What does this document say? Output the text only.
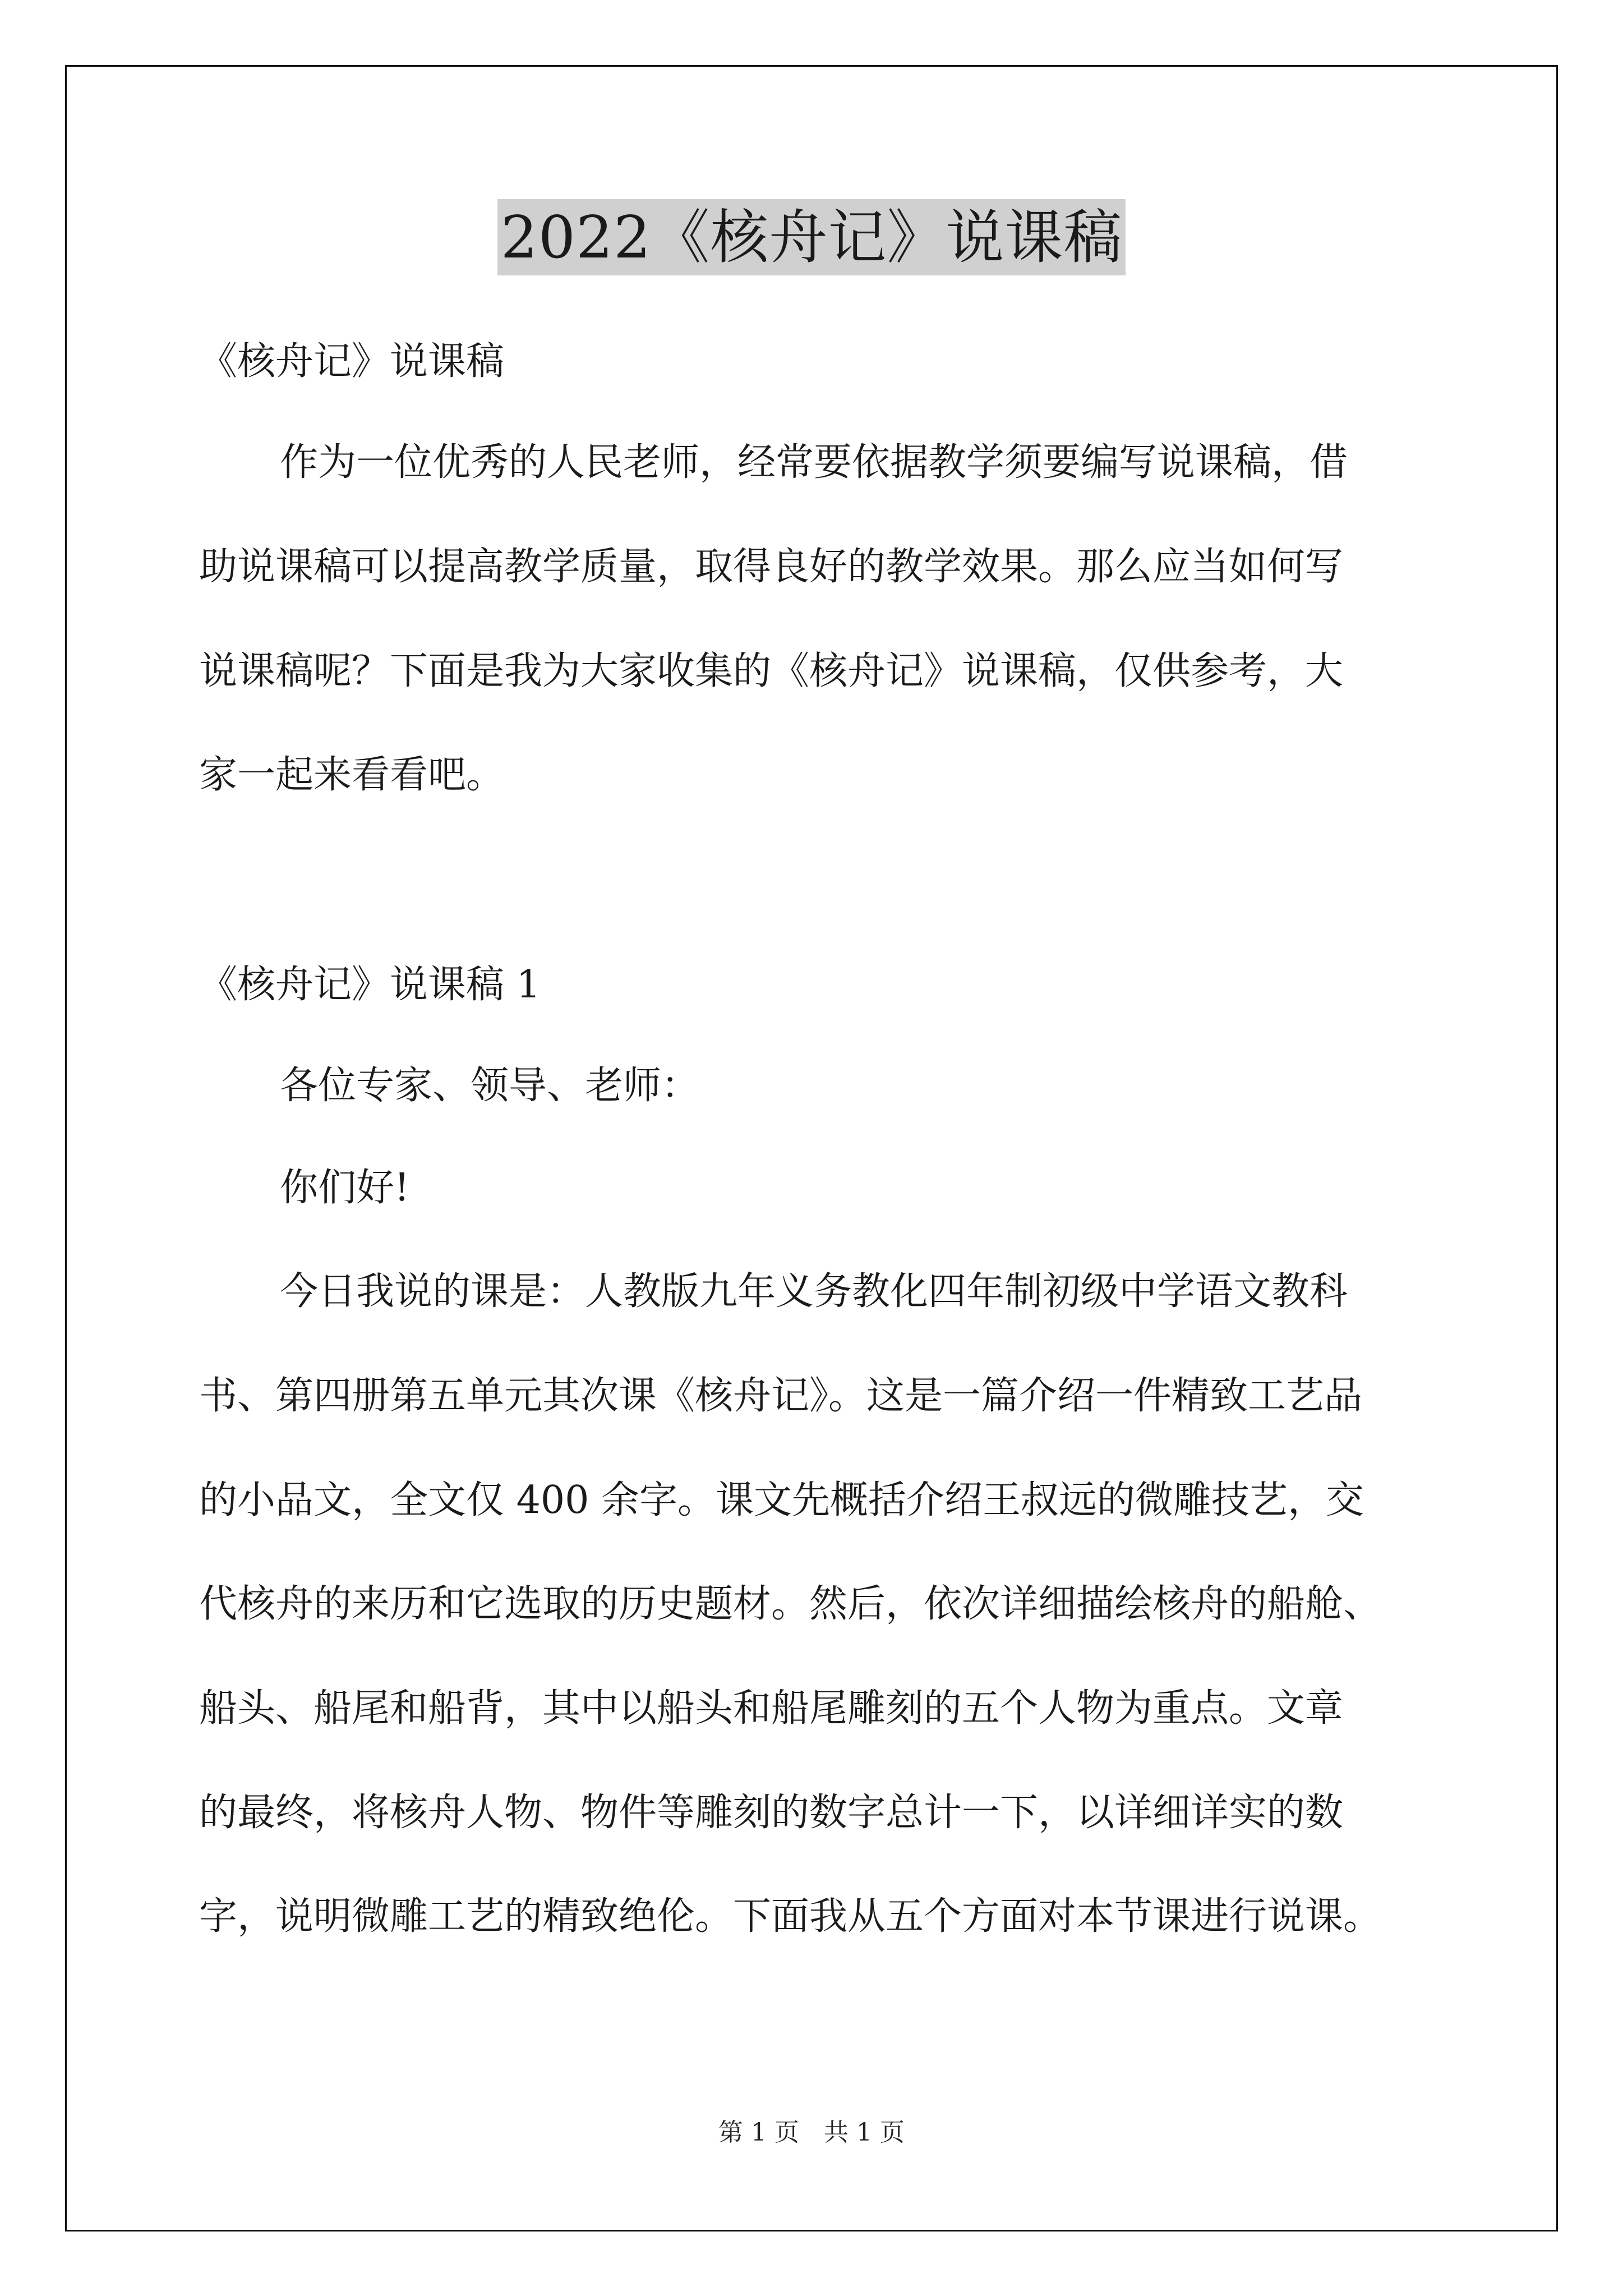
2022《核舟记》说课稿
《核舟记》说课稿
作为一位优秀的人民老师，经常要依据教学须要编写说课稿，借
助说课稿可以提高教学质量，取得良好的教学效果。那么应当如何写
说课稿呢？下面是我为大家收集的《核舟记》说课稿，仅供参考，大
家一起来看看吧。
《核舟记》说课稿 1
各位专家、领导、老师：
你们好!
今日我说的课是：人教版九年义务教化四年制初级中学语文教科
书、第四册第五单元其次课《核舟记》。这是一篇介绍一件精致工艺品
的小品文，全文仅 400 余字。课文先概括介绍王叔远的微雕技艺，交
代核舟的来历和它选取的历史题材。然后，依次详细描绘核舟的船舱、
船头、船尾和船背，其中以船头和船尾雕刻的五个人物为重点。文章
的最终，将核舟人物、物件等雕刻的数字总计一下，以详细详实的数
字，说明微雕工艺的精致绝伦。下面我从五个方面对本节课进行说课。
第 1 页　共 1 页
